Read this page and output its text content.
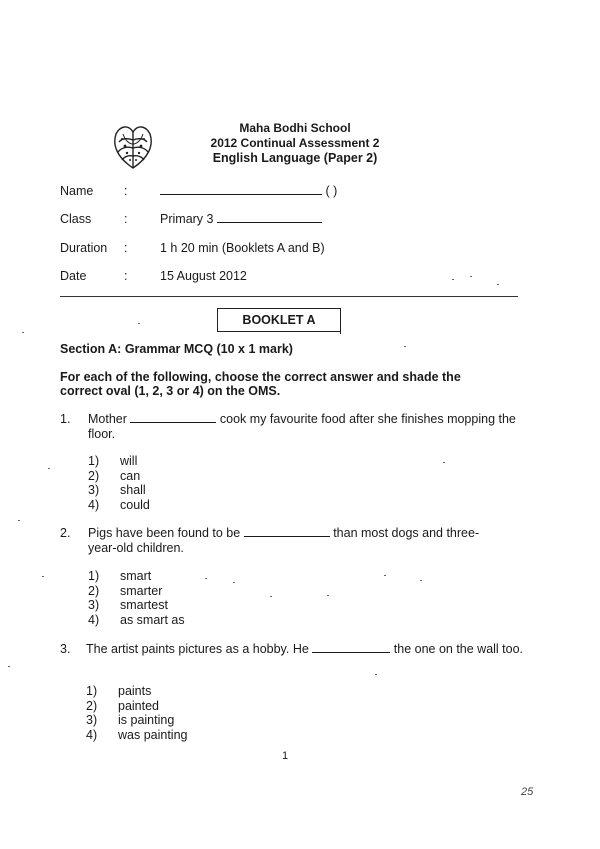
Maha Bodhi School
2012 Continual Assessment 2
English Language (Paper 2)
Name :	( )
Class	:	Primary 3
Duration :	1 h 20 min (Booklets A and B)
Date	:	15 August 2012
BOOKLET A
Section A: Grammar MCQ (10 x 1 mark)
For each of the following, choose the correct answer and shade the correct oval (1, 2, 3 or 4) on the OMS.
1. Mother	cook my favourite food after she finishes mopping the floor.
1) will
2) can
3) shall
4) could
2. Pigs have been found to be	than most dogs and three-year-old children.
1) smart
2) smarter
3) smartest
4) as smart as
3. The artist paints pictures as a hobby. He	the one on the wall too.
1) paints
2) painted
3) is painting
4) was painting
1
25
